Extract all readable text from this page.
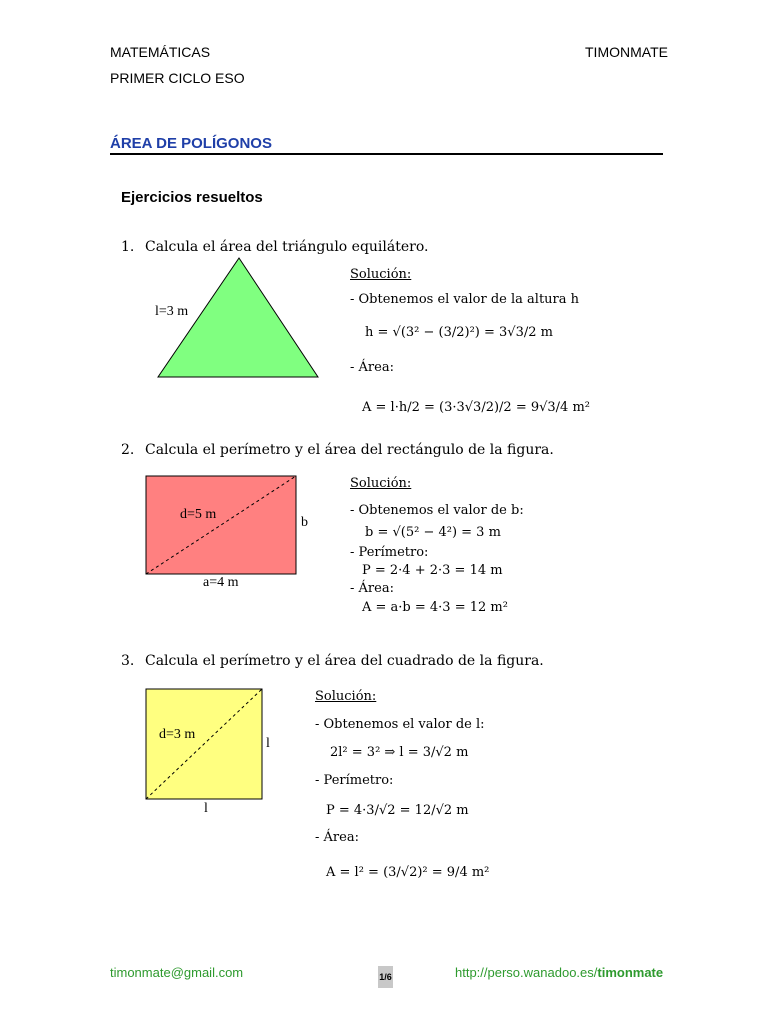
MATEMÁTICAS
PRIMER CICLO ESO
TIMONMATE
ÁREA DE POLÍGONOS
Ejercicios resueltos
1. Calcula el área del triángulo equilátero.
l=3 m
Solución:
- Obtenemos el valor de la altura h
h = √(3² − (3/2)²) = 3√3/2 m
- Área:
A = l·h/2 = (3·3√3/2)/2 = 9√3/4 m²
2. Calcula el perímetro y el área del rectángulo de la figura.
d=5 m
b
a=4 m
Solución:
- Obtenemos el valor de b:
b = √(5² − 4²) = 3 m
- Perímetro:
P = 2·4 + 2·3 = 14 m
- Área:
A = a·b = 4·3 = 12 m²
3. Calcula el perímetro y el área del cuadrado de la figura.
d=3 m
l
l
Solución:
- Obtenemos el valor de l:
2l² = 3² ⇒ l = 3/√2 m
- Perímetro:
P = 4·3/√2 = 12/√2 m
- Área:
A = l² = (3/√2)² = 9/4 m²
timonmate@gmail.com	1/6	http://perso.wanadoo.es/timonmate
